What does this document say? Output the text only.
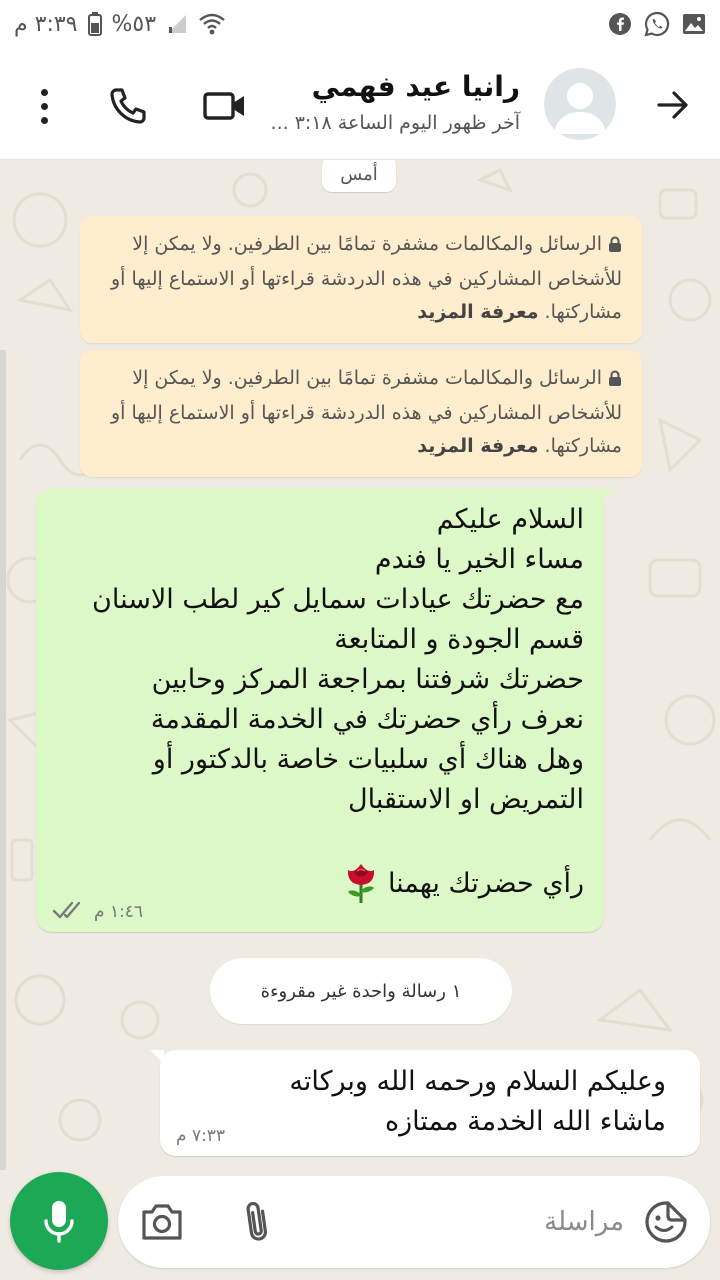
٣:٣٩ م %٥٣
رانيا عيد فهمي
آخر ظهور اليوم الساعة ٣:١٨ ...
أمس
الرسائل والمكالمات مشفرة تمامًا بين الطرفين. ولا يمكن إلا للأشخاص المشاركين في هذه الدردشة قراءتها أو الاستماع إليها أو مشاركتها. معرفة المزيد
الرسائل والمكالمات مشفرة تمامًا بين الطرفين. ولا يمكن إلا للأشخاص المشاركين في هذه الدردشة قراءتها أو الاستماع إليها أو مشاركتها. معرفة المزيد
السلام عليكم
مساء الخير يا فندم
مع حضرتك عيادات سمايل كير لطب الاسنان
قسم الجودة و المتابعة
حضرتك شرفتنا بمراجعة المركز وحابين
نعرف رأي حضرتك في الخدمة المقدمة
وهل هناك أي سلبيات خاصة بالدكتور أو
التمريض او الاستقبال
رأي حضرتك يهمنا
١:٤٦ م
١ رسالة واحدة غير مقروءة
وعليكم السلام ورحمه الله وبركاته
ماشاء الله الخدمة ممتازه
٧:٣٣ م
مراسلة
